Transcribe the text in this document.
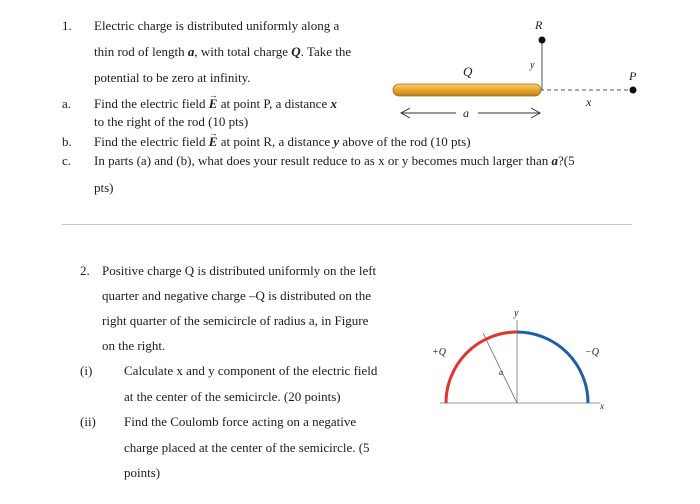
1. Electric charge is distributed uniformly along a
thin rod of length a, with total charge Q. Take the
potential to be zero at infinity.
a. Find the electric field → E at point P, a distance x
to the right of the rod (10 pts)
b. Find the electric field → E at point R, a distance y above of the rod (10 pts)
c. In parts (a) and (b), what does your result reduce to as x or y becomes much larger than a?(5
pts)
R
Q	y
P
x
a
2. Positive charge Q is distributed uniformly on the left
quarter and negative charge –Q is distributed on the
right quarter of the semicircle of radius a, in Figure
on the right.
(i) Calculate x and y component of the electric field
at the center of the semicircle. (20 points)
(ii) Find the Coulomb force acting on a negative
charge placed at the center of the semicircle. (5
points)
+Q	−Q
y
x
a
